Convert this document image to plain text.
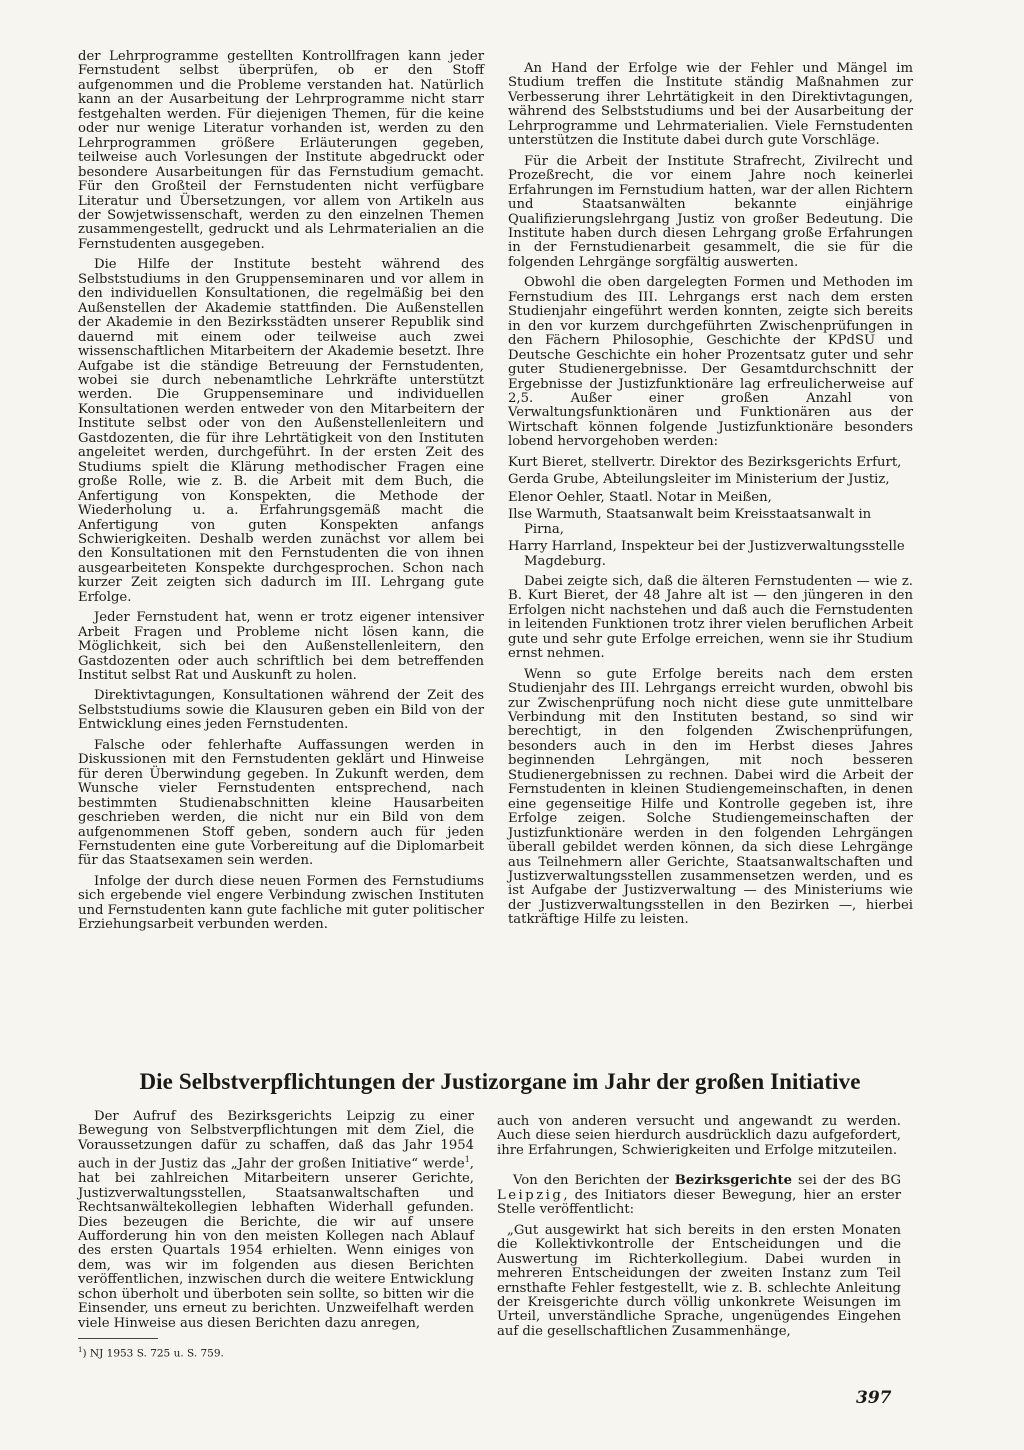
der Lehrprogramme gestellten Kontrollfragen kann jeder Fernstudent selbst überprüfen, ob er den Stoff aufgenommen und die Probleme verstanden hat. Natürlich kann an der Ausarbeitung der Lehrprogramme nicht starr festgehalten werden. Für diejenigen Themen, für die keine oder nur wenige Literatur vorhanden ist, werden zu den Lehrprogrammen größere Erläuterungen gegeben, teilweise auch Vorlesungen der Institute abgedruckt oder besondere Ausarbeitungen für das Fernstudium gemacht. Für den Großteil der Fernstudenten nicht verfügbare Literatur und Übersetzungen, vor allem von Artikeln aus der Sowjetwissenschaft, werden zu den einzelnen Themen zusammengestellt, gedruckt und als Lehrmaterialien an die Fernstudenten ausgegeben.

Die Hilfe der Institute besteht während des Selbststudiums in den Gruppenseminaren und vor allem in den individuellen Konsultationen, die regelmäßig bei den Außenstellen der Akademie stattfinden. Die Außenstellen der Akademie in den Bezirksstädten unserer Republik sind dauernd mit einem oder teilweise auch zwei wissenschaftlichen Mitarbeitern der Akademie besetzt. Ihre Aufgabe ist die ständige Betreuung der Fernstudenten, wobei sie durch nebenamtliche Lehrkräfte unterstützt werden. Die Gruppenseminare und individuellen Konsultationen werden entweder von den Mitarbeitern der Institute selbst oder von den Außenstellenleitern und Gastdozenten, die für ihre Lehrtätigkeit von den Instituten angeleitet werden, durchgeführt. In der ersten Zeit des Studiums spielt die Klärung methodischer Fragen eine große Rolle, wie z. B. die Arbeit mit dem Buch, die Anfertigung von Konspekten, die Methode der Wiederholung u. a. Erfahrungsgemäß macht die Anfertigung von guten Konspekten anfangs Schwierigkeiten. Deshalb werden zunächst vor allem bei den Konsultationen mit den Fernstudenten die von ihnen ausgearbeiteten Konspekte durchgesprochen. Schon nach kurzer Zeit zeigten sich dadurch im III. Lehrgang gute Erfolge.

Jeder Fernstudent hat, wenn er trotz eigener intensiver Arbeit Fragen und Probleme nicht lösen kann, die Möglichkeit, sich bei den Außenstellenleitern, den Gastdozenten oder auch schriftlich bei dem betreffenden Institut selbst Rat und Auskunft zu holen.

Direktivtagungen, Konsultationen während der Zeit des Selbststudiums sowie die Klausuren geben ein Bild von der Entwicklung eines jeden Fernstudenten.

Falsche oder fehlerhafte Auffassungen werden in Diskussionen mit den Fernstudenten geklärt und Hinweise für deren Überwindung gegeben. In Zukunft werden, dem Wunsche vieler Fernstudenten entsprechend, nach bestimmten Studienabschnitten kleine Hausarbeiten geschrieben werden, die nicht nur ein Bild von dem aufgenommenen Stoff geben, sondern auch für jeden Fernstudenten eine gute Vorbereitung auf die Diplomarbeit für das Staatsexamen sein werden.

Infolge der durch diese neuen Formen des Fernstudiums sich ergebende viel engere Verbindung zwischen Instituten und Fernstudenten kann gute fachliche mit guter politischer Erziehungsarbeit verbunden werden.

An Hand der Erfolge wie der Fehler und Mängel im Studium treffen die Institute ständig Maßnahmen zur Verbesserung ihrer Lehrtätigkeit in den Direktivtagungen, während des Selbststudiums und bei der Ausarbeitung der Lehrprogramme und Lehrmaterialien. Viele Fernstudenten unterstützen die Institute dabei durch gute Vorschläge.

Für die Arbeit der Institute Strafrecht, Zivilrecht und Prozeßrecht, die vor einem Jahre noch keinerlei Erfahrungen im Fernstudium hatten, war der allen Richtern und Staatsanwälten bekannte einjährige Qualifizierungslehrgang Justiz von großer Bedeutung. Die Institute haben durch diesen Lehrgang große Erfahrungen in der Fernstudienarbeit gesammelt, die sie für die folgenden Lehrgänge sorgfältig auswerten.

Obwohl die oben dargelegten Formen und Methoden im Fernstudium des III. Lehrgangs erst nach dem ersten Studienjahr eingeführt werden konnten, zeigte sich bereits in den vor kurzem durchgeführten Zwischenprüfungen in den Fächern Philosophie, Geschichte der KPdSU und Deutsche Geschichte ein hoher Prozentsatz guter und sehr guter Studienergebnisse. Der Gesamtdurchschnitt der Ergebnisse der Justizfunktionäre lag erfreulicherweise auf 2,5. Außer einer großen Anzahl von Verwaltungsfunktionären und Funktionären aus der Wirtschaft können folgende Justizfunktionäre besonders lobend hervorgehoben werden:

Kurt Bieret, stellvertr. Direktor des Bezirksgerichts Erfurt,

Gerda Grube, Abteilungsleiter im Ministerium der Justiz,

Elenor Oehler, Staatl. Notar in Meißen,

Ilse Warmuth, Staatsanwalt beim Kreisstaatsanwalt in Pirna,

Harry Harrland, Inspekteur bei der Justizverwaltungsstelle Magdeburg.

Dabei zeigte sich, daß die älteren Fernstudenten — wie z. B. Kurt Bieret, der 48 Jahre alt ist — den jüngeren in den Erfolgen nicht nachstehen und daß auch die Fernstudenten in leitenden Funktionen trotz ihrer vielen beruflichen Arbeit gute und sehr gute Erfolge erreichen, wenn sie ihr Studium ernst nehmen.

Wenn so gute Erfolge bereits nach dem ersten Studienjahr des III. Lehrgangs erreicht wurden, obwohl bis zur Zwischenprüfung noch nicht diese gute unmittelbare Verbindung mit den Instituten bestand, so sind wir berechtigt, in den folgenden Zwischenprüfungen, besonders auch in den im Herbst dieses Jahres beginnenden Lehrgängen, mit noch besseren Studienergebnissen zu rechnen. Dabei wird die Arbeit der Fernstudenten in kleinen Studiengemeinschaften, in denen eine gegenseitige Hilfe und Kontrolle gegeben ist, ihre Erfolge zeigen. Solche Studiengemeinschaften der Justizfunktionäre werden in den folgenden Lehrgängen überall gebildet werden können, da sich diese Lehrgänge aus Teilnehmern aller Gerichte, Staatsanwaltschaften und Justizverwaltungsstellen zusammensetzen werden, und es ist Aufgabe der Justizverwaltung — des Ministeriums wie der Justizverwaltungsstellen in den Bezirken —, hierbei tatkräftige Hilfe zu leisten.

Die Selbstverpflichtungen der Justizorgane im Jahr der großen Initiative

Der Aufruf des Bezirksgerichts Leipzig zu einer Bewegung von Selbstverpflichtungen mit dem Ziel, die Voraussetzungen dafür zu schaffen, daß das Jahr 1954 auch in der Justiz das „Jahr der großen Initiative“ werde$^1$, hat bei zahlreichen Mitarbeitern unserer Gerichte, Justizverwaltungsstellen, Staatsanwaltschaften und Rechtsanwältekollegien lebhaften Widerhall gefunden. Dies bezeugen die Berichte, die wir auf unsere Aufforderung hin von den meisten Kollegen nach Ablauf des ersten Quartals 1954 erhielten. Wenn einiges von dem, was wir im folgenden aus diesen Berichten veröffentlichen, inzwischen durch die weitere Entwicklung schon überholt und überboten sein sollte, so bitten wir die Einsender, uns erneut zu berichten. Unzweifelhaft werden viele Hinweise aus diesen Berichten dazu anregen,

auch von anderen versucht und angewandt zu werden. Auch diese seien hierdurch ausdrücklich dazu aufgefordert, ihre Erfahrungen, Schwierigkeiten und Erfolge mitzuteilen.

Von den Berichten der Bezirksgerichte sei der des BG Leipzig, des Initiators dieser Bewegung, hier an erster Stelle veröffentlicht:

„Gut ausgewirkt hat sich bereits in den ersten Monaten die Kollektivkontrolle der Entscheidungen und die Auswertung im Richterkollegium. Dabei wurden in mehreren Entscheidungen der zweiten Instanz zum Teil ernsthafte Fehler festgestellt, wie z. B. schlechte Anleitung der Kreisgerichte durch völlig unkonkrete Weisungen im Urteil, unverständliche Sprache, ungenügendes Eingehen auf die gesellschaftlichen Zusammenhänge,

$^1$) NJ 1953 S. 725 u. S. 759.
397
